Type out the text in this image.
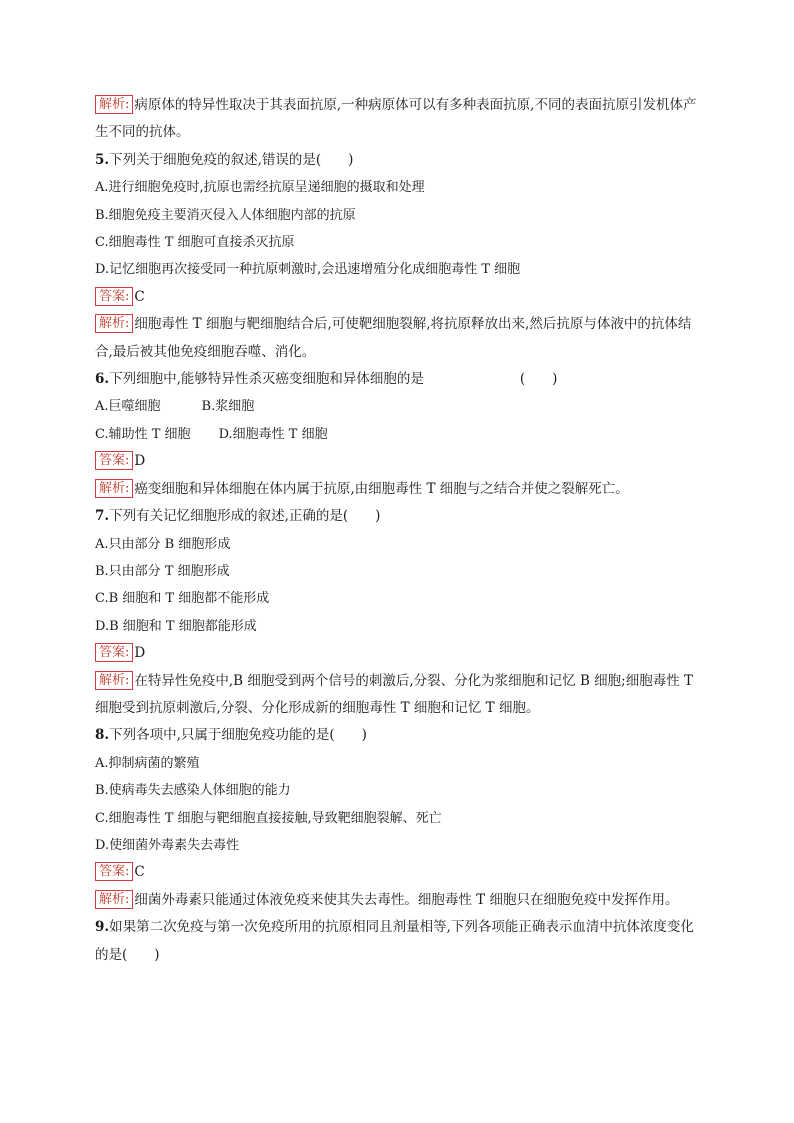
解析: 病原体的特异性取决于其表面抗原,一种病原体可以有多种表面抗原,不同的表面抗原引发机体产生不同的抗体。
5.下列关于细胞免疫的叙述,错误的是(　　)
A.进行细胞免疫时,抗原也需经抗原呈递细胞的摄取和处理
B.细胞免疫主要消灭侵入人体细胞内部的抗原
C.细胞毒性 T 细胞可直接杀灭抗原
D.记忆细胞再次接受同一种抗原刺激时,会迅速增殖分化成细胞毒性 T 细胞
答案: C
解析: 细胞毒性 T 细胞与靶细胞结合后,可使靶细胞裂解,将抗原释放出来,然后抗原与体液中的抗体结合,最后被其他免疫细胞吞噬、消化。
6.下列细胞中,能够特异性杀灭癌变细胞和异体细胞的是	(　　)
A.巨噬细胞	B.浆细胞
C.辅助性 T 细胞 D.细胞毒性 T 细胞
答案: D
解析: 癌变细胞和异体细胞在体内属于抗原,由细胞毒性 T 细胞与之结合并使之裂解死亡。
7.下列有关记忆细胞形成的叙述,正确的是(　　)
A.只由部分 B 细胞形成
B.只由部分 T 细胞形成
C.B 细胞和 T 细胞都不能形成
D.B 细胞和 T 细胞都能形成
答案: D
解析: 在特异性免疫中,B 细胞受到两个信号的刺激后,分裂、分化为浆细胞和记忆 B 细胞;细胞毒性 T 细胞受到抗原刺激后,分裂、分化形成新的细胞毒性 T 细胞和记忆 T 细胞。
8.下列各项中,只属于细胞免疫功能的是(　　)
A.抑制病菌的繁殖
B.使病毒失去感染人体细胞的能力
C.细胞毒性 T 细胞与靶细胞直接接触,导致靶细胞裂解、死亡
D.使细菌外毒素失去毒性
答案: C
解析: 细菌外毒素只能通过体液免疫来使其失去毒性。细胞毒性 T 细胞只在细胞免疫中发挥作用。
9.如果第二次免疫与第一次免疫所用的抗原相同且剂量相等,下列各项能正确表示血清中抗体浓度变化的是(　　)
